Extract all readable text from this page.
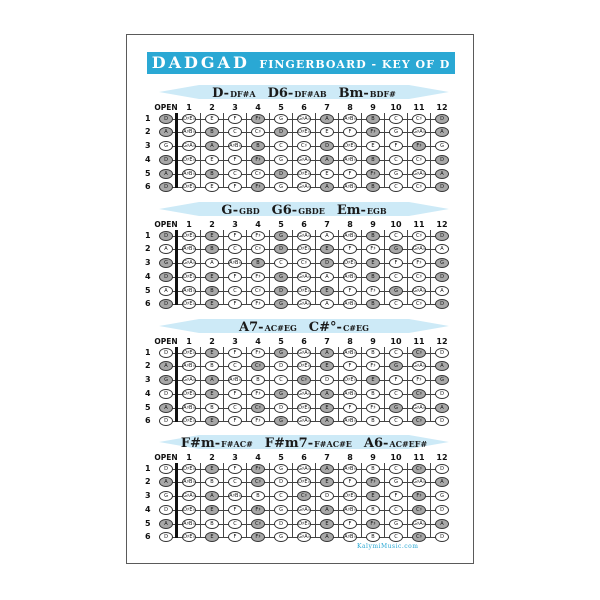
DADGAD FINGERBOARD - KEY OF D
D-DF#A D6-DF#AB Bm-BDF#
OPEN	1	2	3	4	5	6	7	8	9	10	11	12
1	D	D♯E♭	E	F	F♯	G	G♯A♭	A	A♯B♭	B	C	C♯	D
2	A	A♯B♭	B	C	C♯	D	D♯E♭	E	F	F♯	G	G♯A♭	A
3	G	G♯A♭	A	A♯B♭	B	C	C♯	D	D♯E♭	E	F	F♯	G
4	D	D♯E♭	E	F	F♯	G	G♯A♭	A	A♯B♭	B	C	C♯	D
5	A	A♯B♭	B	C	C♯	D	D♯E♭	E	F	F♯	G	G♯A♭	A
6	D	D♯E♭	E	F	F♯	G	G♯A♭	A	A♯B♭	B	C	C♯	D
G-GBD G6-GBDE Em-EGB
OPEN	1	2	3	4	5	6	7	8	9	10	11	12
1	D	D♯E♭	E	F	F♯	G	G♯A♭	A	A♯B♭	B	C	C♯	D
2	A	A♯B♭	B	C	C♯	D	D♯E♭	E	F	F♯	G	G♯A♭	A
3	G	G♯A♭	A	A♯B♭	B	C	C♯	D	D♯E♭	E	F	F♯	G
4	D	D♯E♭	E	F	F♯	G	G♯A♭	A	A♯B♭	B	C	C♯	D
5	A	A♯B♭	B	C	C♯	D	D♯E♭	E	F	F♯	G	G♯A♭	A
6	D	D♯E♭	E	F	F♯	G	G♯A♭	A	A♯B♭	B	C	C♯	D
A7-AC#EG C#°-C#EG
OPEN	1	2	3	4	5	6	7	8	9	10	11	12
1	D	D♯E♭	E	F	F♯	G	G♯A♭	A	A♯B♭	B	C	C♯	D
2	A	A♯B♭	B	C	C♯	D	D♯E♭	E	F	F♯	G	G♯A♭	A
3	G	G♯A♭	A	A♯B♭	B	C	C♯	D	D♯E♭	E	F	F♯	G
4	D	D♯E♭	E	F	F♯	G	G♯A♭	A	A♯B♭	B	C	C♯	D
5	A	A♯B♭	B	C	C♯	D	D♯E♭	E	F	F♯	G	G♯A♭	A
6	D	D♯E♭	E	F	F♯	G	G♯A♭	A	A♯B♭	B	C	C♯	D
F#m-F#AC# F#m7-F#AC#E A6-AC#EF#
OPEN	1	2	3	4	5	6	7	8	9	10	11	12
1	D	D♯E♭	E	F	F♯	G	G♯A♭	A	A♯B♭	B	C	C♯	D
2	A	A♯B♭	B	C	C♯	D	D♯E♭	E	F	F♯	G	G♯A♭	A
3	G	G♯A♭	A	A♯B♭	B	C	C♯	D	D♯E♭	E	F	F♯	G
4	D	D♯E♭	E	F	F♯	G	G♯A♭	A	A♯B♭	B	C	C♯	D
5	A	A♯B♭	B	C	C♯	D	D♯E♭	E	F	F♯	G	G♯A♭	A
6	D	D♯E♭	E	F	F♯	G	G♯A♭	A	A♯B♭	B	C	C♯	D
KalymiMusic.com
